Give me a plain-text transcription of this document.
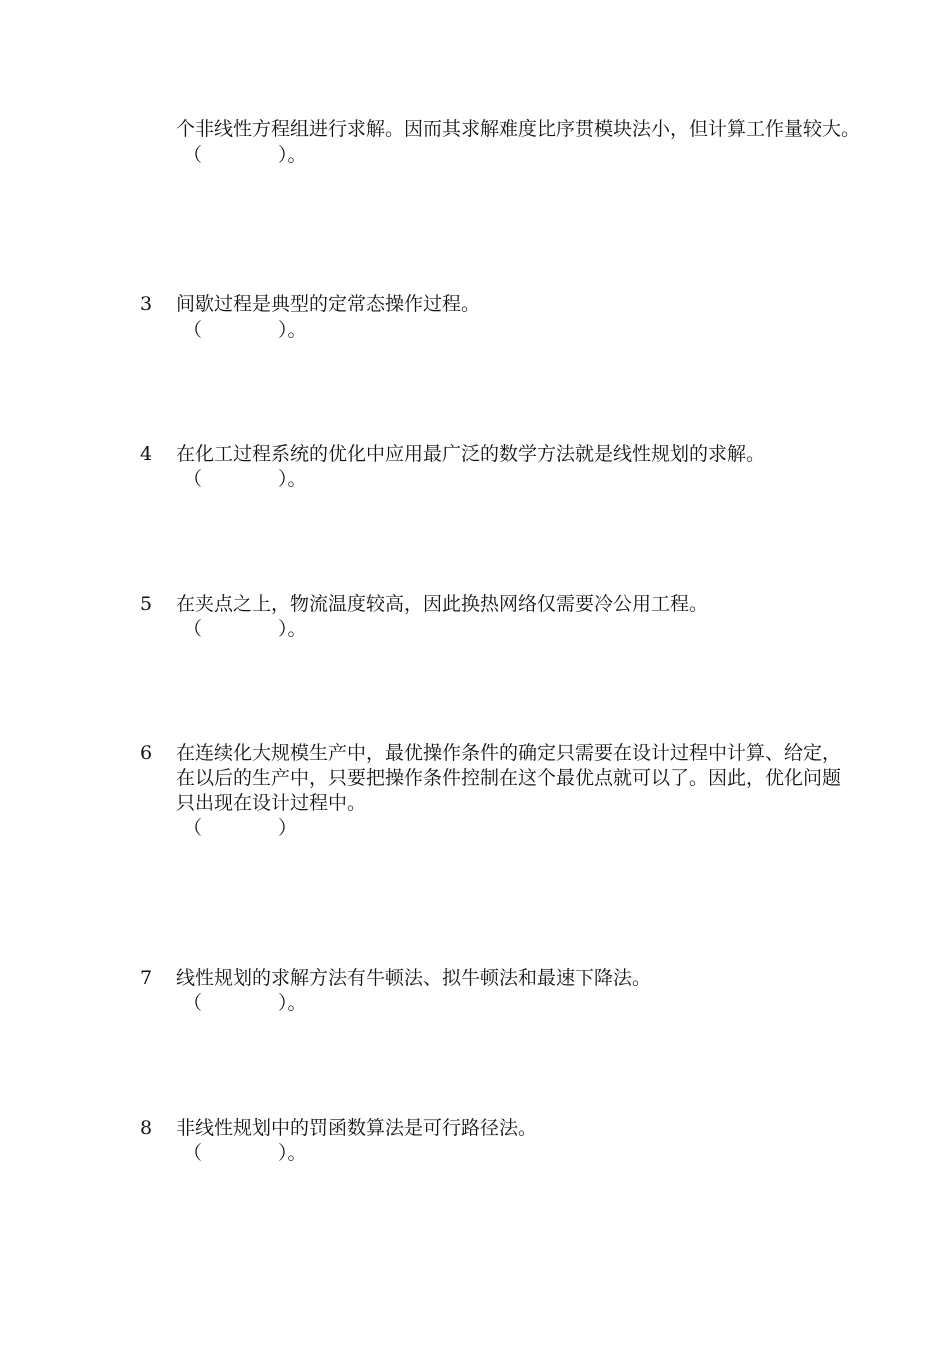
个非线性方程组进行求解。因而其求解难度比序贯模块法小，但计算工作量较大。
（　　　　）。
3	间歇过程是典型的定常态操作过程。
（　　　　）。
4	在化工过程系统的优化中应用最广泛的数学方法就是线性规划的求解。
（　　　　）。
5	在夹点之上，物流温度较高，因此换热网络仅需要冷公用工程。
（　　　　）。
6	在连续化大规模生产中，最优操作条件的确定只需要在设计过程中计算、给定，
在以后的生产中，只要把操作条件控制在这个最优点就可以了。因此，优化问题
只出现在设计过程中。
（　　　　）
7	线性规划的求解方法有牛顿法、拟牛顿法和最速下降法。
（　　　　）。
8	非线性规划中的罚函数算法是可行路径法。
（　　　　）。
